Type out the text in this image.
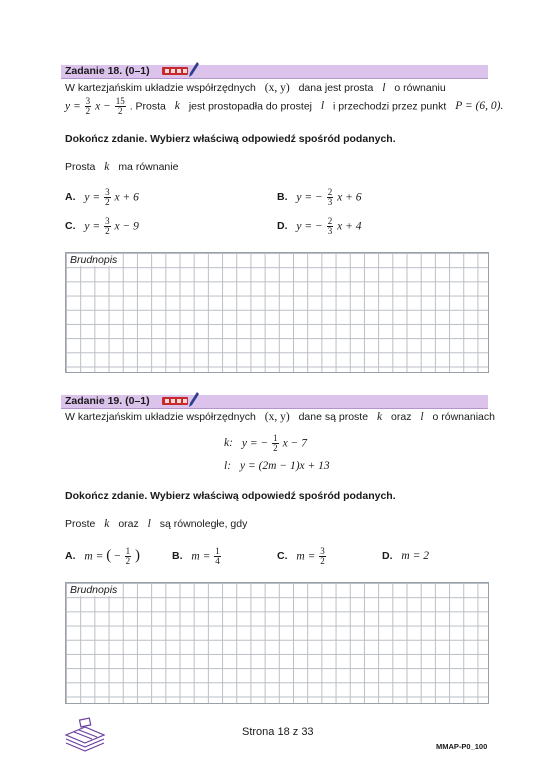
Zadanie 18. (0–1)
W kartezjańskim układzie współrzędnych (x, y) dana jest prosta l o równaniu
$y = \frac{3}{2}$ $x - \frac{15}{2}$ . Prosta k jest prostopadła do prostej l i przechodzi przez punkt P = (6, 0).
Dokończ zdanie. Wybierz właściwą odpowiedź spośród podanych.
Prosta k ma równanie
A. $y = \frac{3}{2}$ x + 6	B. y = − $\frac{2}{3}$ x + 6
C. $y = \frac{3}{2}$ x − 9	D. y = − $\frac{2}{3}$ x + 4
Brudnopis
Zadanie 19. (0–1)
W kartezjańskim układzie współrzędnych (x, y) dane są proste k oraz l o równaniach
k: y = − $\frac{1}{2}$ x − 7
l: y = (2m − 1)x + 13
Dokończ zdanie. Wybierz właściwą odpowiedź spośród podanych.
Proste k oraz l są równoległe, gdy
A. m = ( − $\frac{1}{2}$ )	B. $m = \frac{1}{4}$	C. $m = \frac{3}{2}$	D. m = 2
Brudnopis
Strona 18 z 33
MMAP-P0_100
